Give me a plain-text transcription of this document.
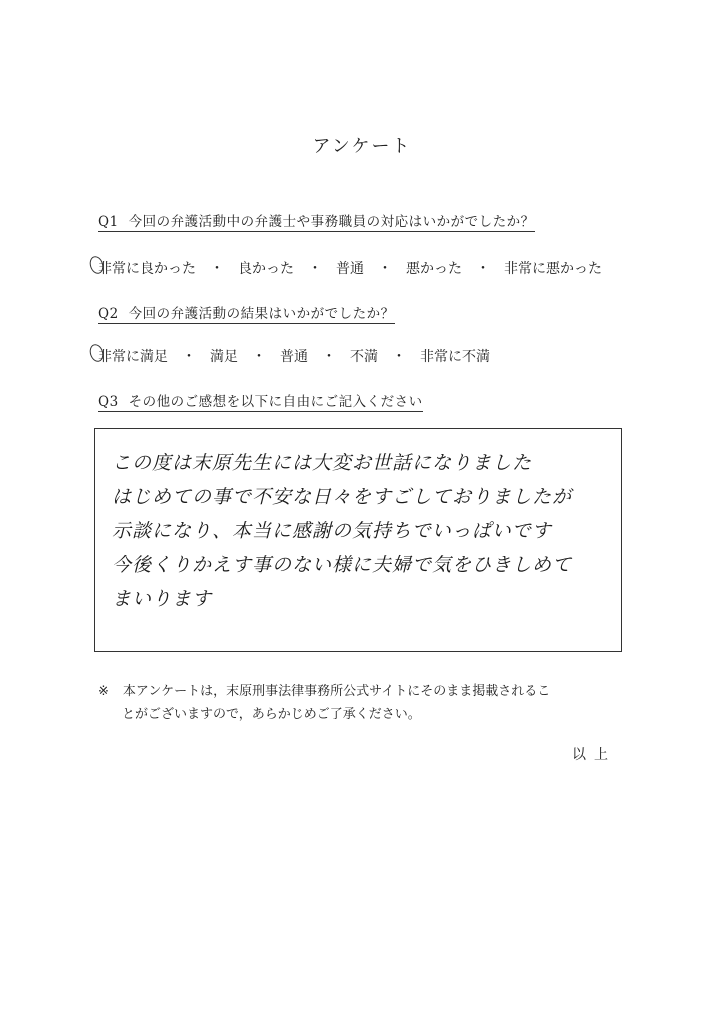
アンケート
Q1 今回の弁護活動中の弁護士や事務職員の対応はいかがでしたか？
非常に良かった ・ 良かった ・ 普通 ・ 悪かった ・ 非常に悪かった
Q2 今回の弁護活動の結果はいかがでしたか？
非常に満足 ・ 満足 ・ 普通 ・ 不満 ・ 非常に不満
Q3 その他のご感想を以下に自由にご記入ください
この度は末原先生には大変お世話になりました
はじめての事で不安な日々をすごしておりましたが
示談になり、本当に感謝の気持ちでいっぱいです
今後くりかえす事のない様に夫婦で気をひきしめて
まいります
※ 本アンケートは，末原刑事法律事務所公式サイトにそのまま掲載されるこ
とがございますので，あらかじめご了承ください。
以上
